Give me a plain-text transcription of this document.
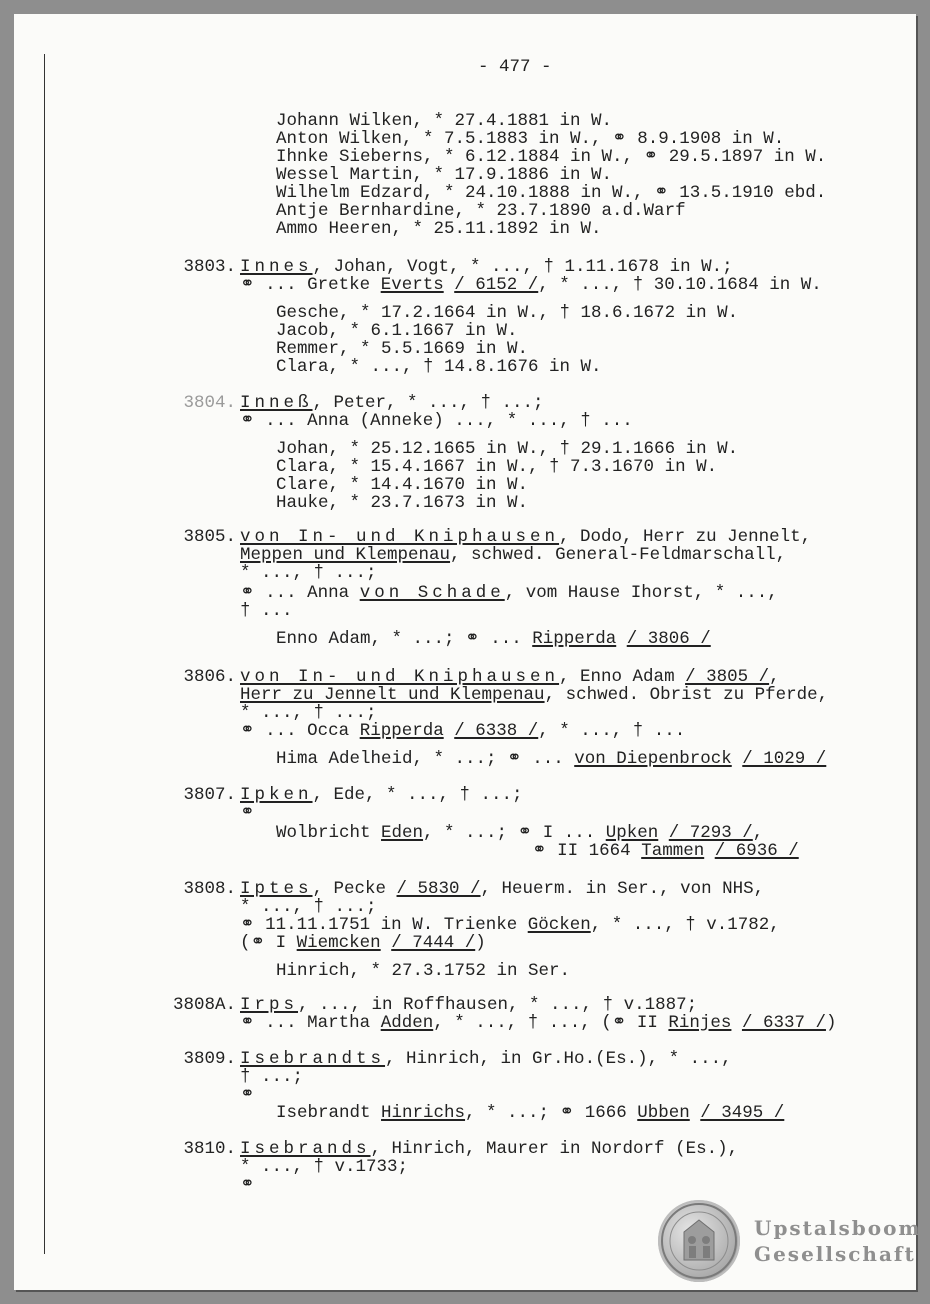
- 477 -
Johann Wilken, * 27.4.1881 in W.
Anton Wilken, * 7.5.1883 in W., ⚭ 8.9.1908 in W.
Ihnke Sieberns, * 6.12.1884 in W., ⚭ 29.5.1897 in W.
Wessel Martin, * 17.9.1886 in W.
Wilhelm Edzard, * 24.10.1888 in W., ⚭ 13.5.1910 ebd.
Antje Bernhardine, * 23.7.1890 a.d.Warf
Ammo Heeren, * 25.11.1892 in W.
3803. Innes, Johan, Vogt, * ..., † 1.11.1678 in W.;
⚭ ... Gretke Everts / 6152 /, * ..., † 30.10.1684 in W.
Gesche, * 17.2.1664 in W., † 18.6.1672 in W.
Jacob, * 6.1.1667 in W.
Remmer, * 5.5.1669 in W.
Clara, * ..., † 14.8.1676 in W.
3804. Inneß, Peter, * ..., † ...;
⚭ ... Anna (Anneke) ..., * ..., † ...
Johan, * 25.12.1665 in W., † 29.1.1666 in W.
Clara, * 15.4.1667 in W., † 7.3.1670 in W.
Clare, * 14.4.1670 in W.
Hauke, * 23.7.1673 in W.
3805. von In- und Kniphausen, Dodo, Herr zu Jennelt,
Meppen und Klempenau, schwed. General-Feldmarschall,
* ..., † ...;
⚭ ... Anna von Schade, vom Hause Ihorst, * ...,
† ...
Enno Adam, * ...; ⚭ ... Ripperda / 3806 /
3806. von In- und Kniphausen, Enno Adam / 3805 /,
Herr zu Jennelt und Klempenau, schwed. Obrist zu Pferde,
* ..., † ...;
⚭ ... Occa Ripperda / 6338 /, * ..., † ...
Hima Adelheid, * ...; ⚭ ... von Diepenbrock / 1029 /
3807. Ipken, Ede, * ..., † ...;
⚭
Wolbricht Eden, * ...; ⚭ I ... Upken / 7293 /,
⚭ II 1664 Tammen / 6936 /
3808. Iptes, Pecke / 5830 /, Heuerm. in Ser., von NHS,
* ..., † ...;
⚭ 11.11.1751 in W. Trienke Göcken, * ..., † v.1782,
(⚭ I Wiemcken / 7444 /)
Hinrich, * 27.3.1752 in Ser.
3808A. Irps, ..., in Roffhausen, * ..., † v.1887;
⚭ ... Martha Adden, * ..., † ..., (⚭ II Rinjes / 6337 /)
3809. Isebrandts, Hinrich, in Gr.Ho.(Es.), * ...,
† ...;
⚭
Isebrandt Hinrichs, * ...; ⚭ 1666 Ubben / 3495 /
3810. Isebrands, Hinrich, Maurer in Nordorf (Es.),
* ..., † v.1733;
⚭
Upstalsboom
Gesellschaft
